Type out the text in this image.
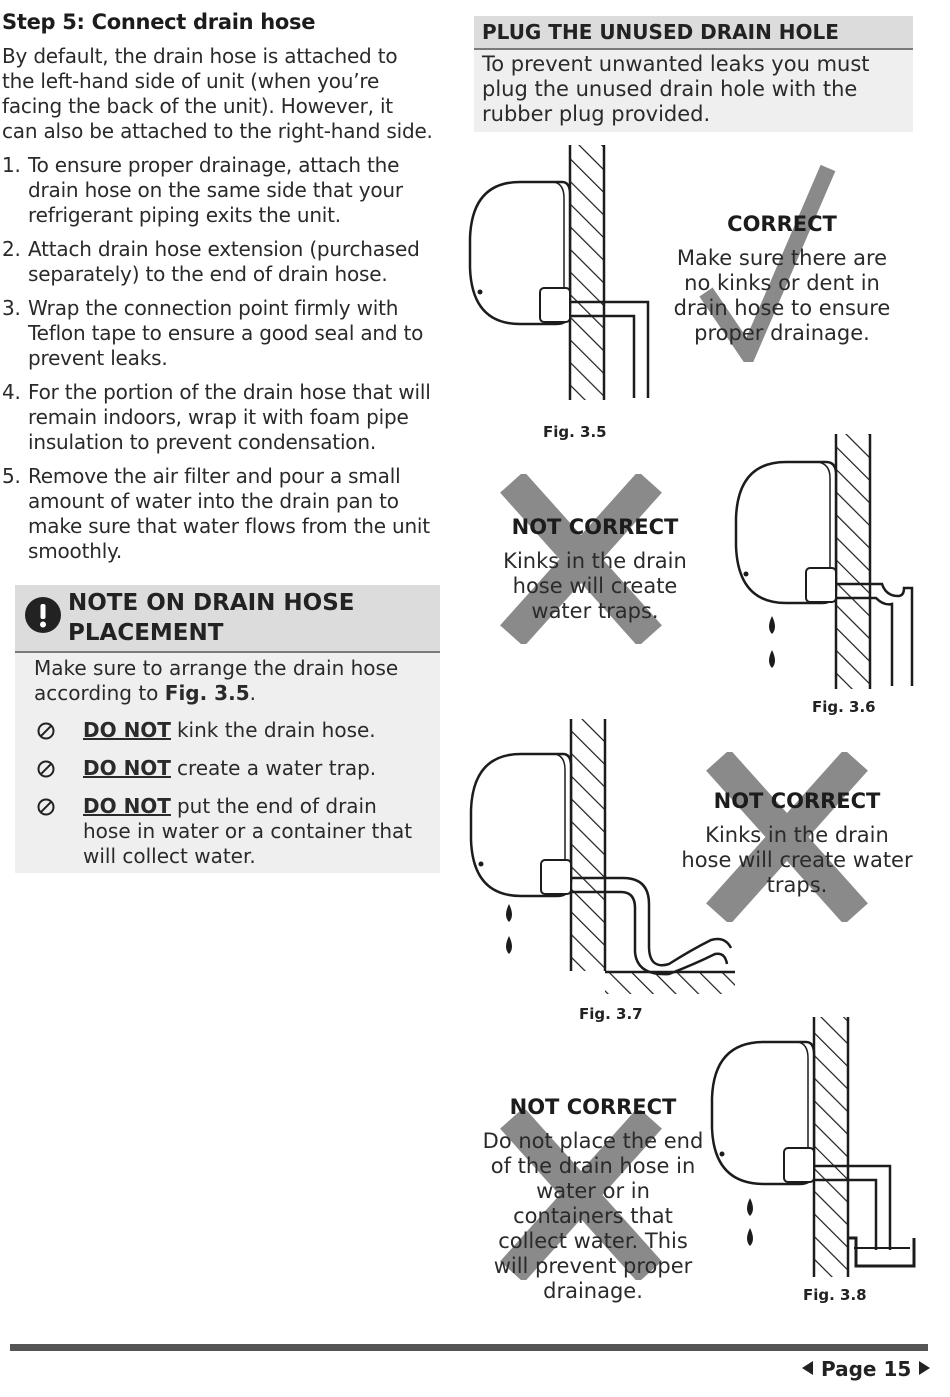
Step 5: Connect drain hose
By default, the drain hose is attached to the left-hand side of unit (when you’re facing the back of the unit). However, it can also be attached to the right-hand side.
1. To ensure proper drainage, attach the drain hose on the same side that your refrigerant piping exits the unit.
2. Attach drain hose extension (purchased separately) to the end of drain hose.
3. Wrap the connection point firmly with Teflon tape to ensure a good seal and to prevent leaks.
4. For the portion of the drain hose that will remain indoors, wrap it with foam pipe insulation to prevent condensation.
5. Remove the air filter and pour a small amount of water into the drain pan to make sure that water flows from the unit smoothly.
NOTE ON DRAIN HOSE PLACEMENT
Make sure to arrange the drain hose according to Fig. 3.5.
DO NOT kink the drain hose.
DO NOT create a water trap.
DO NOT put the end of drain hose in water or a container that will collect water.
PLUG THE UNUSED DRAIN HOLE
To prevent unwanted leaks you must plug the unused drain hole with the rubber plug provided.
CORRECT
Make sure there are no kinks or dent in drain hose to ensure proper drainage.
Fig. 3.5
NOT CORRECT
Kinks in the drain hose will create water traps.
Fig. 3.6
NOT CORRECT
Kinks in the drain hose will create water traps.
Fig. 3.7
NOT CORRECT
Do not place the end of the drain hose in water or in containers that collect water. This will prevent proper drainage.	Fig. 3.8
Page 15
